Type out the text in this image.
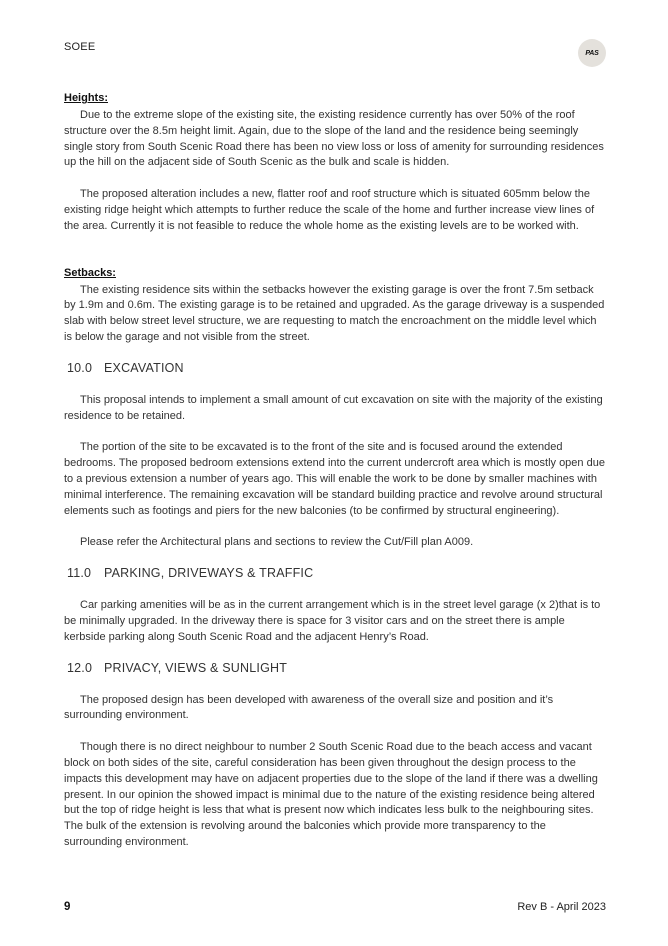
SOEE	PAS
Heights:

Due to the extreme slope of the existing site, the existing residence currently has over 50% of the roof structure over the 8.5m height limit. Again, due to the slope of the land and the residence being seemingly single story from South Scenic Road there has been no view loss or loss of amenity for surrounding residences up the hill on the adjacent side of South Scenic as the bulk and scale is hidden.

The proposed alteration includes a new, flatter roof and roof structure which is situated 605mm below the existing ridge height which attempts to further reduce the scale of the home and further increase view lines of the area. Currently it is not feasible to reduce the whole home as the existing levels are to be worked with.

Setbacks:

The existing residence sits within the setbacks however the existing garage is over the front 7.5m setback by 1.9m and 0.6m. The existing garage is to be retained and upgraded. As the garage driveway is a suspended slab with below street level structure, we are requesting to match the encroachment on the middle level which is below the garage and not visible from the street.

10.0 EXCAVATION

This proposal intends to implement a small amount of cut excavation on site with the majority of the existing residence to be retained.

The portion of the site to be excavated is to the front of the site and is focused around the extended bedrooms. The proposed bedroom extensions extend into the current undercroft area which is mostly open due to a previous extension a number of years ago. This will enable the work to be done by smaller machines with minimal interference. The remaining excavation will be standard building practice and revolve around structural elements such as footings and piers for the new balconies (to be confirmed by structural engineering).

Please refer the Architectural plans and sections to review the Cut/Fill plan A009.

11.0	PARKING, DRIVEWAYS & TRAFFIC

Car parking amenities will be as in the current arrangement which is in the street level garage (x 2)that is to be minimally upgraded. In the driveway there is space for 3 visitor cars and on the street there is ample kerbside parking along South Scenic Road and the adjacent Henry’s Road.

12.0 PRIVACY, VIEWS & SUNLIGHT

The proposed design has been developed with awareness of the overall size and position and it’s surrounding environment.

Though there is no direct neighbour to number 2 South Scenic Road due to the beach access and vacant block on both sides of the site, careful consideration has been given throughout the design process to the impacts this development may have on adjacent properties due to the slope of the land if there was a dwelling present. In our opinion the showed impact is minimal due to the nature of the existing residence being altered but the top of ridge height is less that what is present now which indicates less bulk to the neighbouring sites. The bulk of the extension is revolving around the balconies which provide more transparency to the surrounding environment.

9	Rev B - April 2023
